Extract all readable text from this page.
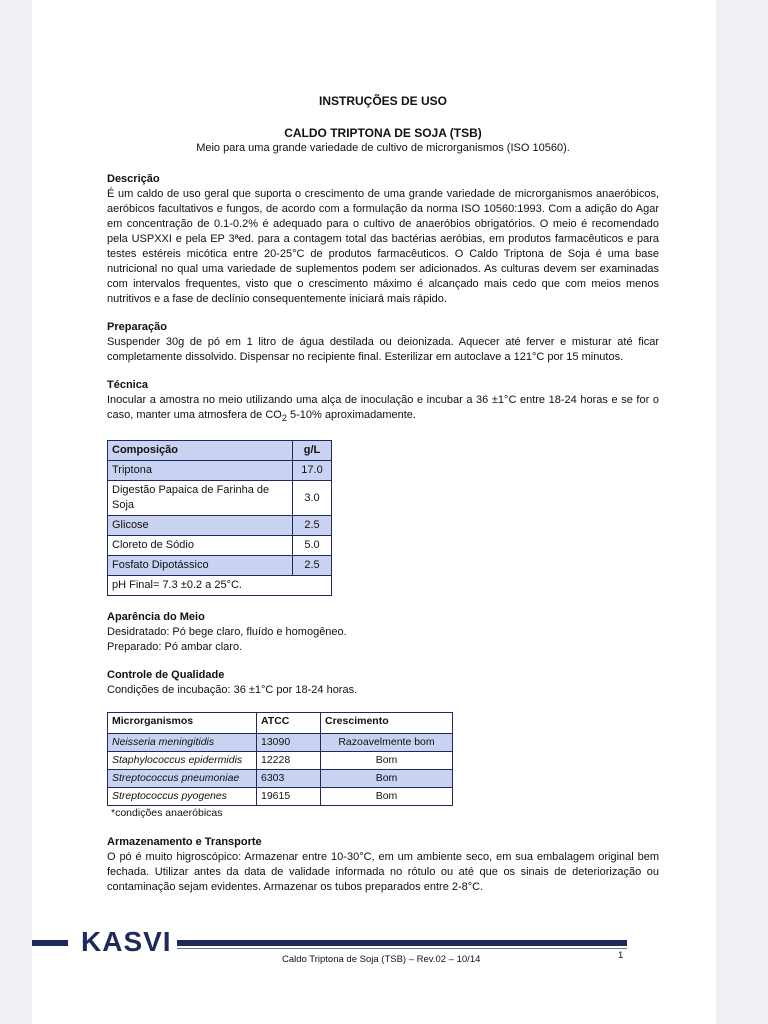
INSTRUÇÕES DE USO

CALDO TRIPTONA DE SOJA (TSB)

Meio para uma grande variedade de cultivo de microrganismos (ISO 10560).

Descrição

É um caldo de uso geral que suporta o crescimento de uma grande variedade de microrganismos anaeróbicos, aeróbicos facultativos e fungos, de acordo com a formulação da norma ISO 10560:1993. Com a adição do Agar em concentração de 0.1-0.2% é adequado para o cultivo de anaeróbios obrigatórios. O meio é recomendado pela USPXXI e pela EP 3ªed. para a contagem total das bactérias aeróbias, em produtos farmacêuticos e para testes estéreis micótica entre 20-25°C de produtos farmacêuticos. O Caldo Triptona de Soja é uma base nutricional no qual uma variedade de suplementos podem ser adicionados. As culturas devem ser examinadas com intervalos frequentes, visto que o crescimento máximo é alcançado mais cedo que com meios menos nutritivos e a fase de declínio consequentemente iniciará mais rápido.

Preparação

Suspender 30g de pó em 1 litro de água destilada ou deionizada. Aquecer até ferver e misturar até ficar completamente dissolvido. Dispensar no recipiente final. Esterilizar em autoclave a 121°C por 15 minutos.

Técnica

Inocular a amostra no meio utilizando uma alça de inoculação e incubar a 36 ±1°C entre 18-24 horas e se for o caso, manter uma atmosfera de $CO_2$ 5-10% aproximadamente.

Composição	g/L
Triptona	17.0
Digestão Papaica de Farinha de Soja	3.0
Glicose	2.5
Cloreto de Sódio	5.0
Fosfato Dipotássico	2.5
pH Final= 7.3 ±0.2 a 25°C.	

Aparência do Meio

Desidratado: Pó bege claro, fluído e homogêneo.

Preparado: Pó ambar claro.

Controle de Qualidade

Condições de incubação: 36 ±1°C por 18-24 horas.

Microrganismos	ATCC	Crescimento
Neisseria meningitidis	13090	Razoavelmente bom
Staphylococcus epidermidis	12228	Bom
Streptococcus pneumoniae	6303	Bom
Streptococcus pyogenes	19615	Bom

*condições anaeróbicas

Armazenamento e Transporte

O pó é muito higroscópico: Armazenar entre 10-30°C, em um ambiente seco, em sua embalagem original bem fechada. Utilizar antes da data de validade informada no rótulo ou até que os sinais de deteriorização ou contaminação sejam evidentes. Armazenar os tubos preparados entre 2-8°C.

KASVI
Caldo Triptona de Soja (TSB) – Rev.02 – 10/14	1
